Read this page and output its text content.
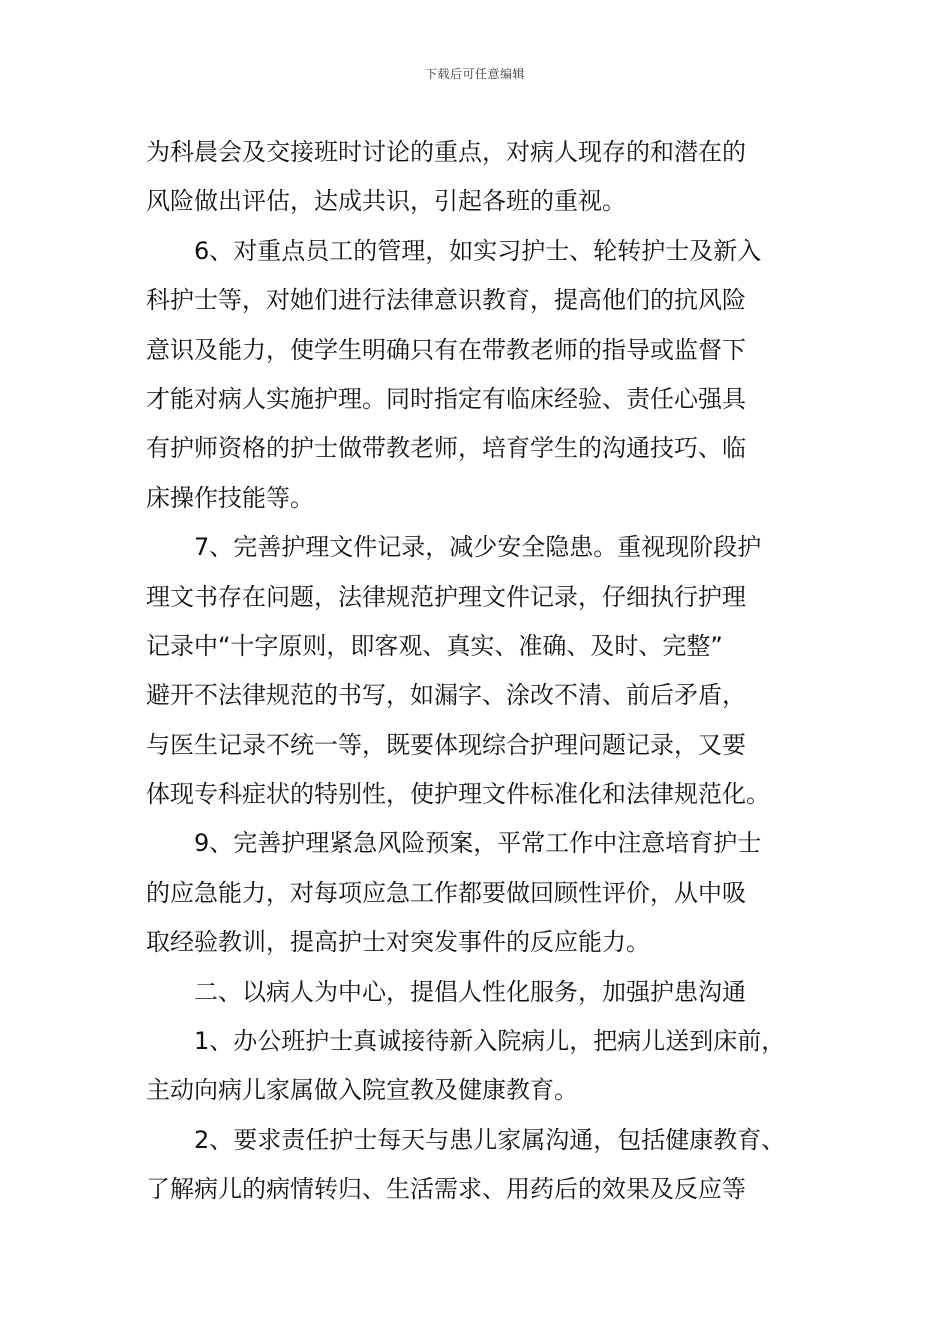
下载后可任意编辑
为科晨会及交接班时讨论的重点，对病人现存的和潜在的
风险做出评估，达成共识，引起各班的重视。
6、对重点员工的管理，如实习护士、轮转护士及新入
科护士等，对她们进行法律意识教育，提高他们的抗风险
意识及能力，使学生明确只有在带教老师的指导或监督下
才能对病人实施护理。同时指定有临床经验、责任心强具
有护师资格的护士做带教老师，培育学生的沟通技巧、临
床操作技能等。
7、完善护理文件记录，减少安全隐患。重视现阶段护
理文书存在问题，法律规范护理文件记录，仔细执行护理
记录中“十字原则，即客观、真实、准确、及时、完整”
避开不法律规范的书写，如漏字、涂改不清、前后矛盾，
与医生记录不统一等，既要体现综合护理问题记录，又要
体现专科症状的特别性，使护理文件标准化和法律规范化。
9、完善护理紧急风险预案，平常工作中注意培育护士
的应急能力，对每项应急工作都要做回顾性评价，从中吸
取经验教训，提高护士对突发事件的反应能力。
二、以病人为中心，提倡人性化服务，加强护患沟通
1、办公班护士真诚接待新入院病儿，把病儿送到床前，
主动向病儿家属做入院宣教及健康教育。
2、要求责任护士每天与患儿家属沟通，包括健康教育、
了解病儿的病情转归、生活需求、用药后的效果及反应等
